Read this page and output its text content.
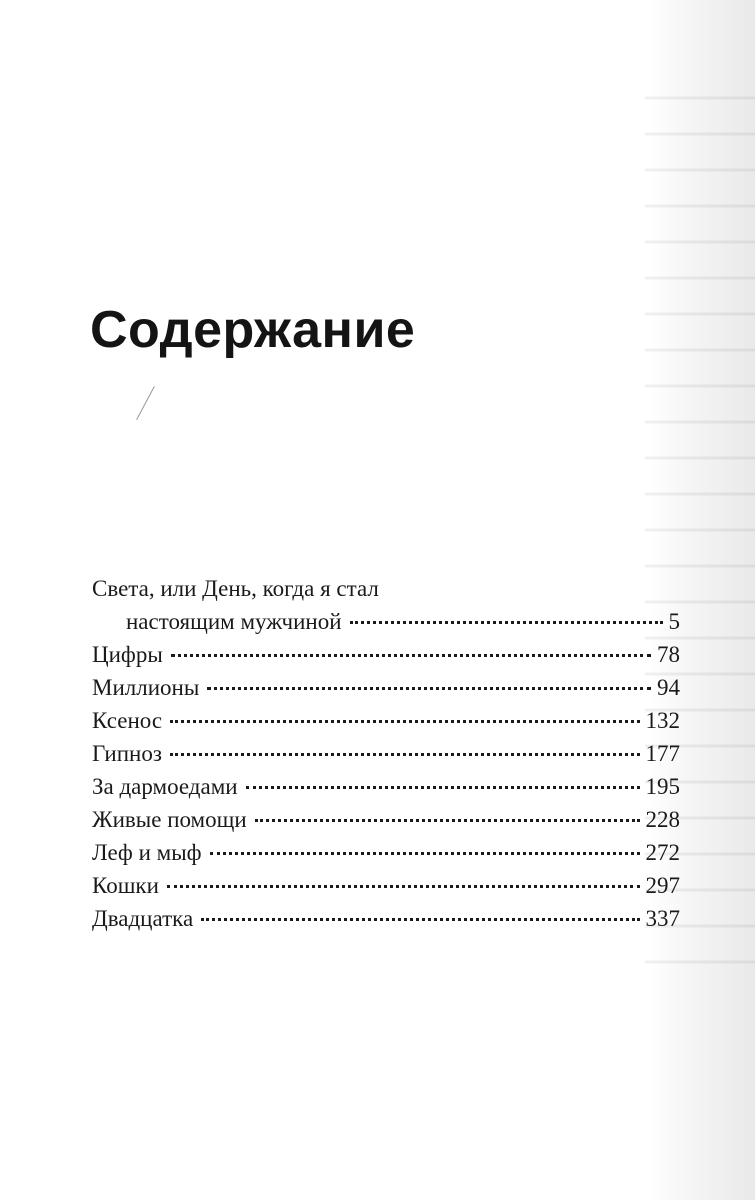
Содержание
Света, или День, когда я стал
настоящим мужчиной	5
Цифры	78
Миллионы	94
Ксенос	132
Гипноз	177
За дармоедами	195
Живые помощи	228
Леф и мыф	272
Кошки	297
Двадцатка	337
